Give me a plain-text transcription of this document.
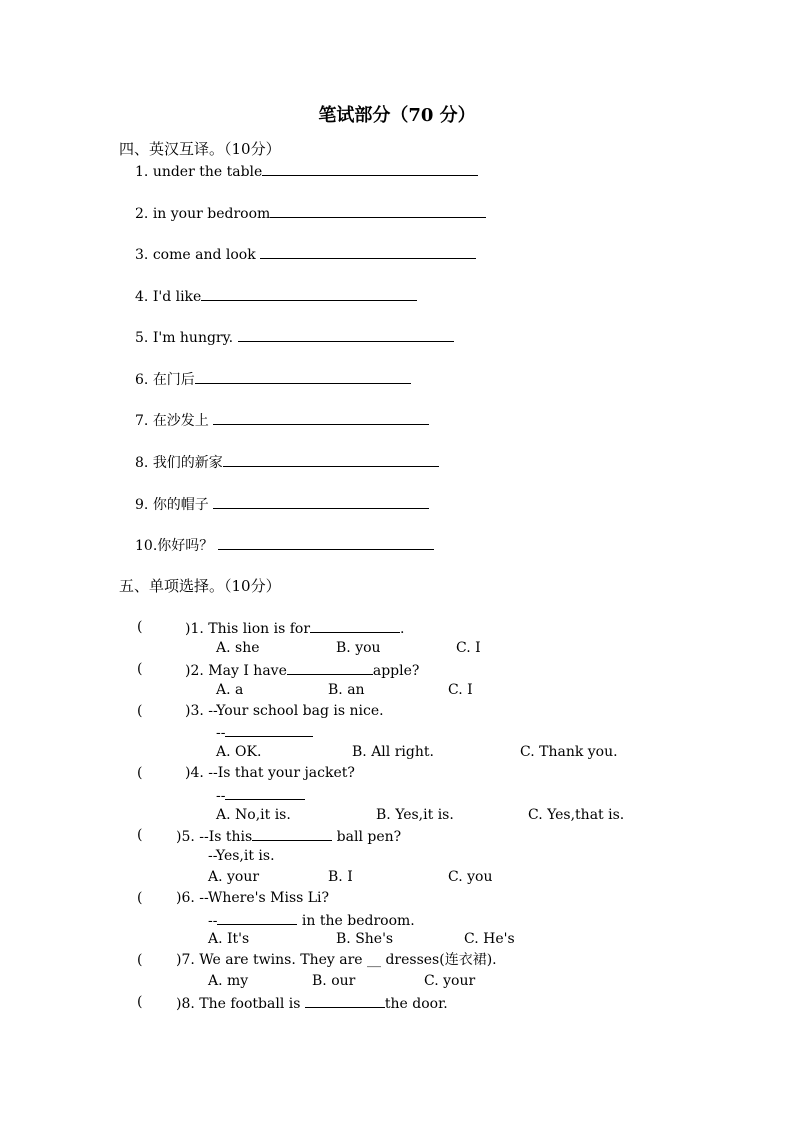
笔试部分（70 分）
四、英汉互译。（10分）
1. under the table
2. in your bedroom
3. come and look
4. I'd like
5. I'm hungry.
6. 在门后
7. 在沙发上
8. 我们的新家
9. 你的帽子
10.你好吗？
五、单项选择。（10分）
(	)1. This lion is for	.
A. she	B. you	C. I
(	)2. May I have	apple?
A. a	B. an	C. I
(	)3. --Your school bag is nice.
--
A. OK.	B. All right.	C. Thank you.
(	)4. --Is that your jacket?
--
A. No,it is.	B. Yes,it is.	C. Yes,that is.
( )5. --Is this	ball pen?
--Yes,it is.
A. your	B. I	C. you
( )6. --Where's Miss Li?
--	in the bedroom.
A. It's	B. She's	C. He's
( )7. We are twins. They are __ dresses(连衣裙).
A. my	B. our	C. your
( )8. The football is	the door.
